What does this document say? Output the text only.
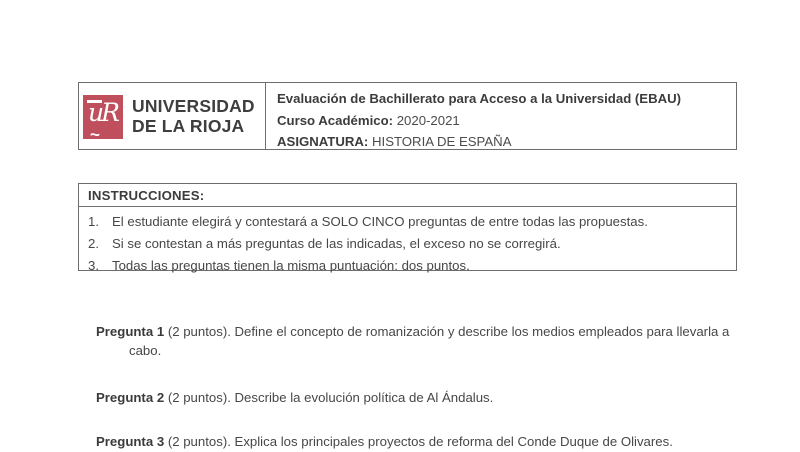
uR
~
UNIVERSIDAD
DE LA RIOJA
Evaluación de Bachillerato para Acceso a la Universidad (EBAU)
Curso Académico: 2020-2021
ASIGNATURA: HISTORIA DE ESPAÑA
INSTRUCCIONES:
1. El estudiante elegirá y contestará a SOLO CINCO preguntas de entre todas las propuestas.
2. Si se contestan a más preguntas de las indicadas, el exceso no se corregirá.
3. Todas las preguntas tienen la misma puntuación: dos puntos.
Pregunta 1 (2 puntos). Define el concepto de romanización y describe los medios empleados para llevarla a cabo.
Pregunta 2 (2 puntos). Describe la evolución política de Al Ándalus.
Pregunta 3 (2 puntos). Explica los principales proyectos de reforma del Conde Duque de Olivares.
